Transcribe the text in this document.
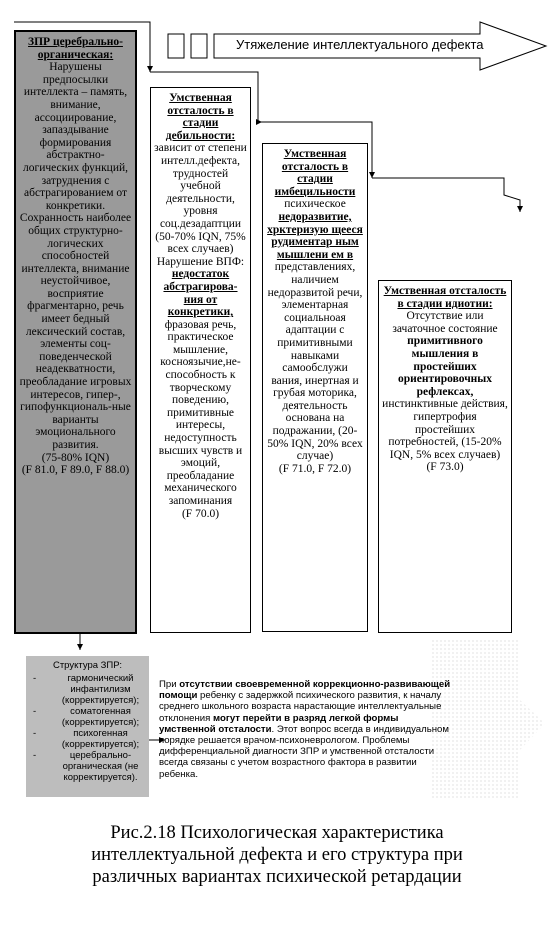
Утяжеление интеллектуального дефекта
ЗПР церебрально-органическая:
Нарушены предпосылки интеллекта – память, внимание, ассоциирование, запаздывание формирования абстрактно-логических функций, затруднения с абстрагированием от конкретики.
Сохранность наиболее общих структурно-логических способностей интеллекта, внимание неустойчивое, восприятие фрагментарно, речь имеет бедный лексический состав, элементы соц-поведенческой неадекватности, преобладание игровых интересов, гипер-, гипофункциональ-ные варианты эмоционального развития.
(75-80% IQN)
(F 81.0, F 89.0, F 88.0)
Умственная отсталость в стадии дебильности:
зависит от степени интелл.дефекта, трудностей учебной деятельности, уровня соц.дезадаптции (50-70% IQN, 75% всех случаев)
Нарушение ВПФ:
недостаток абстрагирова-ния от конкретики,
фразовая речь, практическое мышление, косноязычие,не-способность к творческому поведению, примитивные интересы, недоступность высших чувств и эмоций, преобладание механического запоминания
(F 70.0)
Умственная отсталость в стадии имбецильности
психическое
недоразвитие, хрктеризую щееся рудиментар ным мышлени ем в
представлениях, наличием недоразвитой речи, элементарная социальноая адаптации с примитивными навыками самообслужи вания, инертная и грубая моторика, деятельность основана на подражании, (20-50% IQN, 20% всех случае)
(F 71.0, F 72.0)
Умственная отсталость в стадии идиотии:
Отсутствие или зачаточное состояние
примитивного мышления в простейших ориентировочных рефлексах,
инстинктивные действия, гипертрофия простейших потребностей, (15-20% IQN, 5% всех случаев)
(F 73.0)
Структура ЗПР:
-	гармонический инфантилизм (корректируется);
-	соматогенная (корректируется);
-	психогенная (корректируется);
-	церебрально-органическая (не корректируется).
При отсутствии своевременной коррекционно-развивающей помощи ребенку с задержкой психического развития, к началу среднего школьного возраста нарастающие интеллектуальные отклонения могут перейти в разряд легкой формы умственной отсталости. Этот вопрос всегда в индивидуальном порядке решается врачом-психоневрологом. Проблемы дифференциальной диагности ЗПР и умственной отсталости всегда связаны с учетом возрастного фактора в развитии ребенка.
Рис.2.18 Психологическая характеристика
интеллектуальной дефекта и его структура при
различных вариантах психической ретардации
